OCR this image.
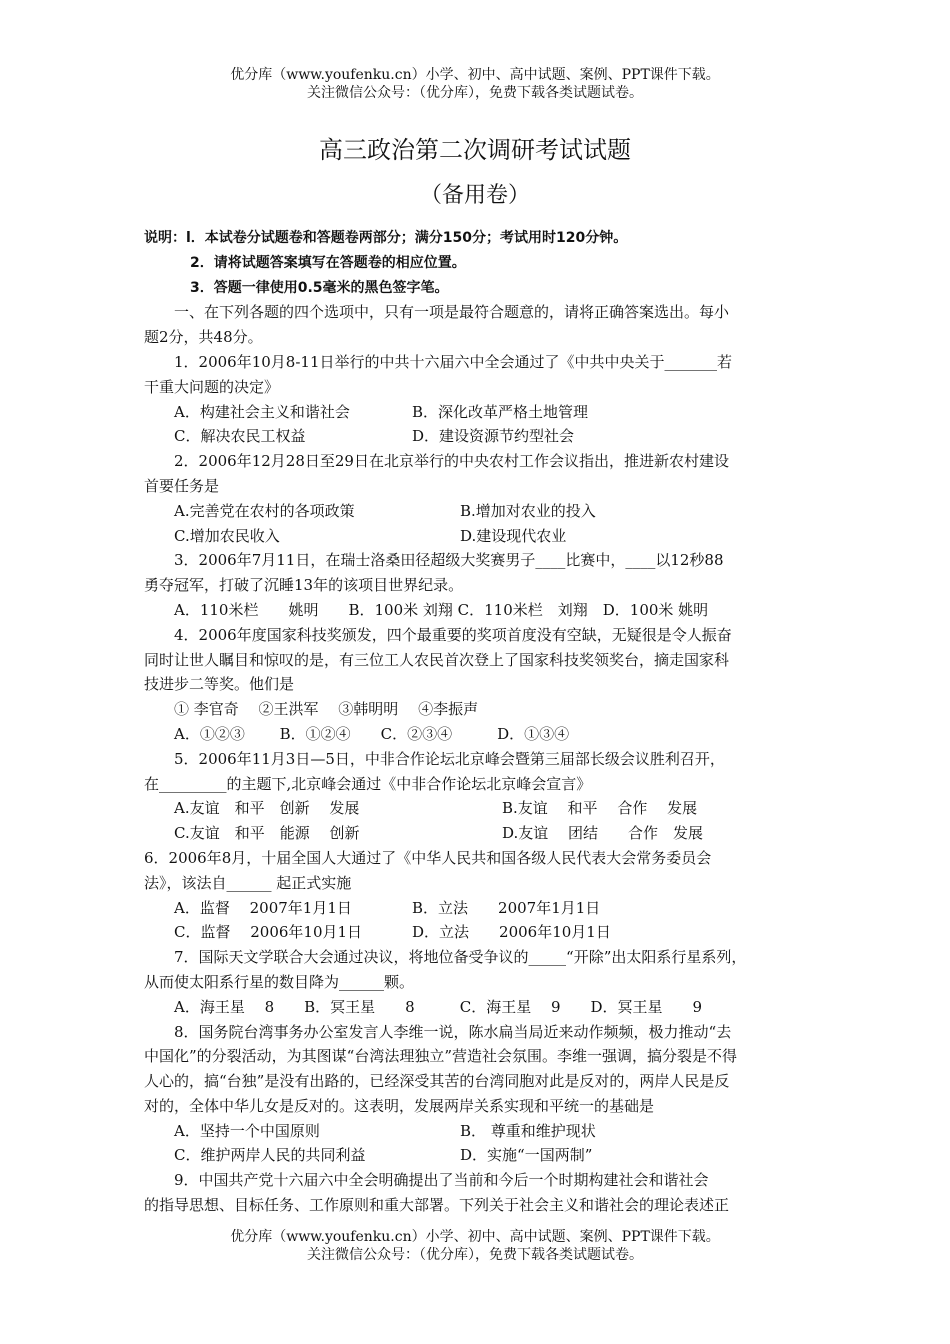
优分库（www.youfenku.cn）小学、初中、高中试题、案例、PPT课件下载。
关注微信公众号：（优分库），免费下载各类试题试卷。
高三政治第二次调研考试试题
（备用卷）
说明：l．本试卷分试题卷和答题卷两部分；满分150分；考试用时120分钟。
2．请将试题答案填写在答题卷的相应位置。
3．答题一律使用0.5毫米的黑色签字笔。
一、在下列各题的四个选项中，只有一项是最符合题意的，请将正确答案选出。每小
题2分，共48分。
1．2006年10月8-11日举行的中共十六届六中全会通过了《中共中央关于_______若
干重大问题的决定》
A．构建社会主义和谐社会	B．深化改革严格土地管理
C．解决农民工权益	D．建设资源节约型社会
2．2006年12月28日至29日在北京举行的中央农村工作会议指出，推进新农村建设
首要任务是
A.完善党在农村的各项政策	B.增加对农业的投入
C.增加农民收入	D.建设现代农业
3．2006年7月11日，在瑞士洛桑田径超级大奖赛男子____比赛中，____以12秒88
勇夺冠军，打破了沉睡13年的该项目世界纪录。
A．110米栏　　姚明　　B．100米 刘翔 C．110米栏　刘翔　D．100米 姚明
4．2006年度国家科技奖颁发，四个最重要的奖项首度没有空缺，无疑很是令人振奋
同时让世人瞩目和惊叹的是，有三位工人农民首次登上了国家科技奖领奖台，摘走国家科
技进步二等奖。他们是
① 李官奇　 ②王洪军　 ③韩明明　 ④李振声
A．①②③　　 B．①②④　　C．②③④　　　D．①③④
5．2006年11月3日—5日，中非合作论坛北京峰会暨第三届部长级会议胜利召开，
在_________的主题下,北京峰会通过《中非合作论坛北京峰会宣言》
A.友谊　和平　创新　 发展	B.友谊　 和平　 合作　 发展
C.友谊　和平　能源　 创新	D.友谊　 团结　　合作　发展
6．2006年8月，十届全国人大通过了《中华人民共和国各级人民代表大会常务委员会
法》，该法自______ 起正式实施
A．监督　 2007年1月1日	B．立法　　2007年1月1日
C．监督　 2006年10月1日	D．立法　　2006年10月1日
7．国际天文学联合大会通过决议，将地位备受争议的_____“开除”出太阳系行星系列，
从而使太阳系行星的数目降为______颗。
A．海王星　 8　　B．冥王星　　8　　　C．海王星　 9　　D．冥王星　　9
8．国务院台湾事务办公室发言人李维一说，陈水扁当局近来动作频频，极力推动“去
中国化”的分裂活动，为其图谋“台湾法理独立”营造社会氛围。李维一强调，搞分裂是不得
人心的，搞“台独”是没有出路的，已经深受其苦的台湾同胞对此是反对的，两岸人民是反
对的，全体中华儿女是反对的。这表明，发展两岸关系实现和平统一的基础是
A．坚持一个中国原则	B． 尊重和维护现状
C．维护两岸人民的共同利益	D．实施“一国两制”
9．中国共产党十六届六中全会明确提出了当前和今后一个时期构建社会和谐社会
的指导思想、目标任务、工作原则和重大部署。下列关于社会主义和谐社会的理论表述正
优分库（www.youfenku.cn）小学、初中、高中试题、案例、PPT课件下载。
关注微信公众号：（优分库），免费下载各类试题试卷。
